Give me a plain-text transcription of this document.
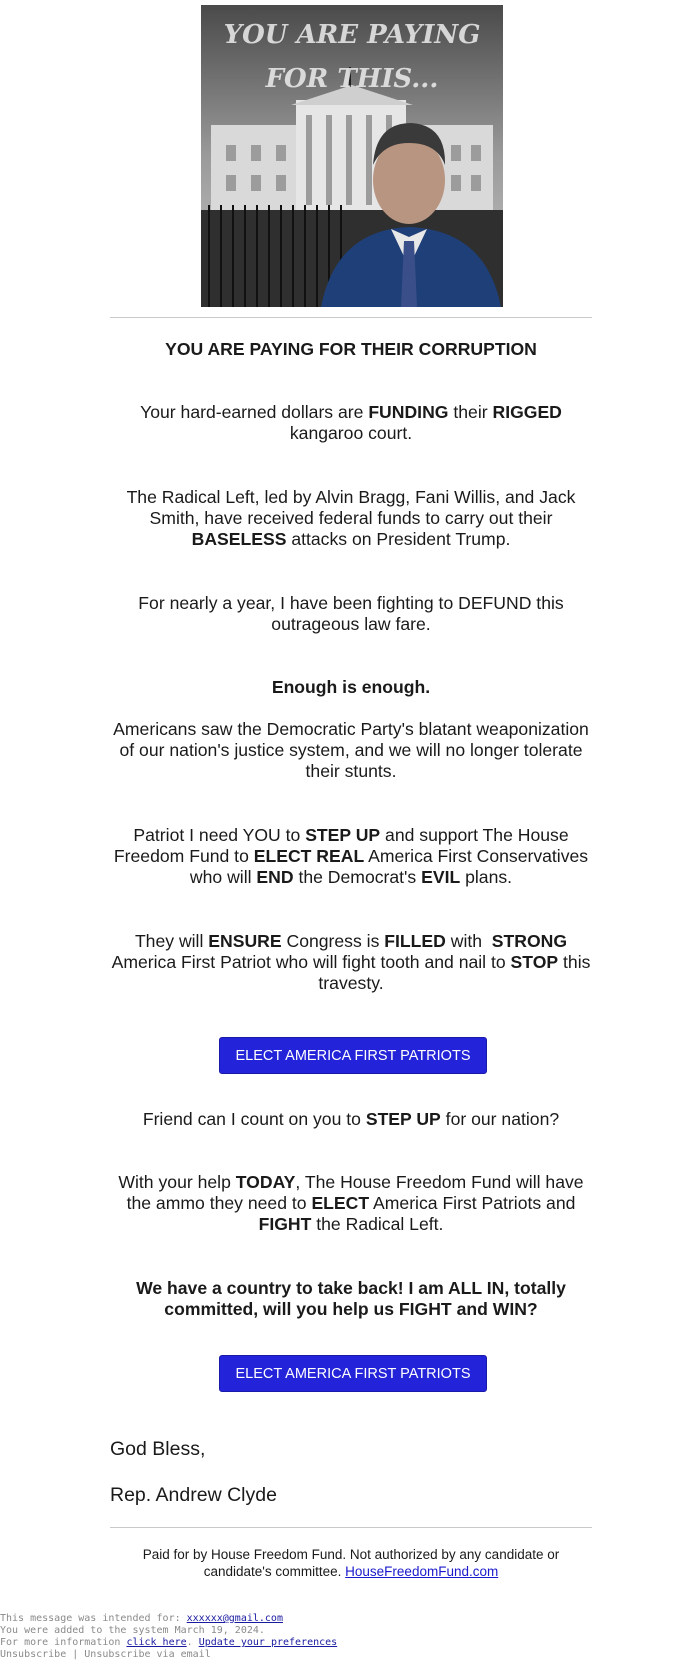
YOU ARE PAYING
FOR THIS...

YOU ARE PAYING FOR THEIR CORRUPTION

Your hard-earned dollars are FUNDING their RIGGED kangaroo court.

The Radical Left, led by Alvin Bragg, Fani Willis, and Jack Smith, have received federal funds to carry out their BASELESS attacks on President Trump.

For nearly a year, I have been fighting to DEFUND this outrageous law fare.

Enough is enough.

Americans saw the Democratic Party's blatant weaponization of our nation's justice system, and we will no longer tolerate their stunts.

Patriot I need YOU to STEP UP and support The House Freedom Fund to ELECT REAL America First Conservatives who will END the Democrat's EVIL plans.

They will ENSURE Congress is FILLED with  STRONG America First Patriot who will fight tooth and nail to STOP this travesty.

ELECT AMERICA FIRST PATRIOTS

Friend can I count on you to STEP UP for our nation?

With your help TODAY, The House Freedom Fund will have the ammo they need to ELECT America First Patriots and FIGHT the Radical Left.

We have a country to take back! I am ALL IN, totally committed, will you help us FIGHT and WIN?

ELECT AMERICA FIRST PATRIOTS
God Bless,
Rep. Andrew Clyde
Paid for by House Freedom Fund. Not authorized by any candidate or candidate's committee. HouseFreedomFund.com
This message was intended for: xxxxxx@gmail.com
You were added to the system March 19, 2024.
For more information click here. Update your preferences
Unsubscribe | Unsubscribe via email
